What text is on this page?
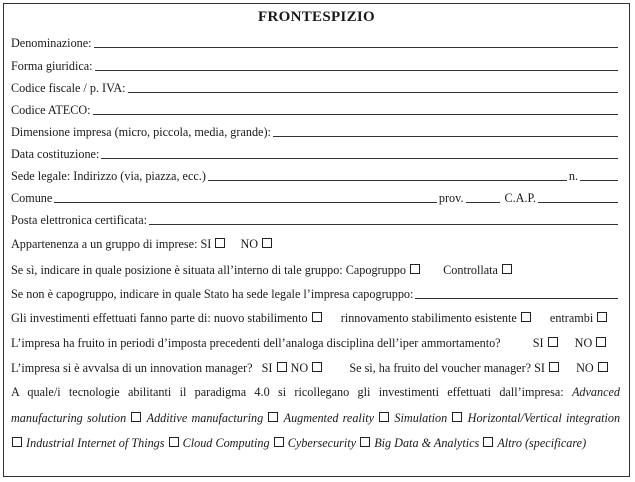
FRONTESPIZIO
Denominazione:
Forma giuridica:
Codice fiscale / p. IVA:
Codice ATECO:
Dimensione impresa (micro, piccola, media, grande):
Data costituzione:
Sede legale: Indirizzo (via, piazza, ecc.)	n.
Comune	prov.	C.A.P.
Posta elettronica certificata:
Appartenenza a un gruppo di imprese: SI NO
Se sì, indicare in quale posizione è situata all’interno di tale gruppo: Capogruppo	Controllata
Se non è capogruppo, indicare in quale Stato ha sede legale l’impresa capogruppo:
Gli investimenti effettuati fanno parte di: nuovo stabilimento	rinnovamento stabilimento esistente	entrambi
L’impresa ha fruito in periodi d’imposta precedenti dell’analoga disciplina dell’iper ammortamento?	SI	NO
L’impresa si è avvalsa di un innovation manager? SI NO	Se sì, ha fruito del voucher manager? SI	NO
A quale/i tecnologie abilitanti il paradigma 4.0 si ricollegano gli investimenti effettuati dall’impresa: Advanced manufacturing solution Additive manufacturing Augmented reality Simulation Horizontal/Vertical integration  Industrial Internet of Things Cloud Computing Cybersecurity Big Data & Analytics Altro (specificare)
